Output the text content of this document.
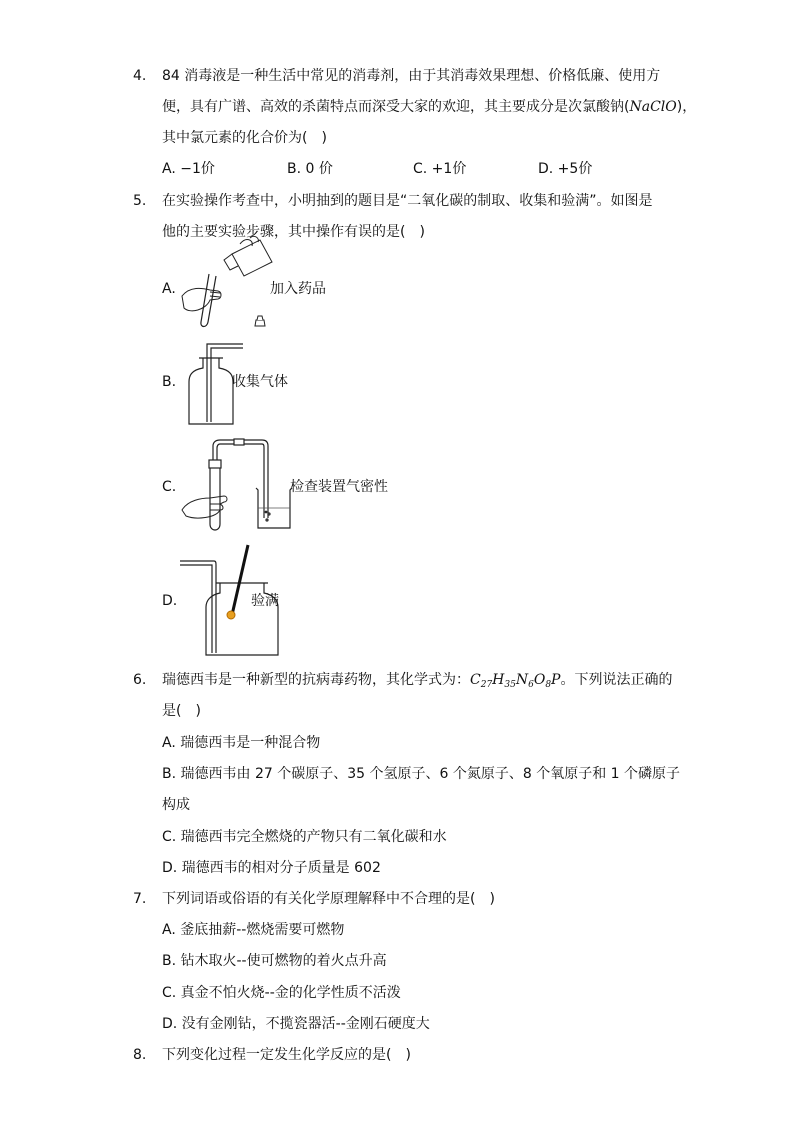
4. 84 消毒液是一种生活中常见的消毒剂，由于其消毒效果理想、价格低廉、使用方
便，具有广谱、高效的杀菌特点而深受大家的欢迎，其主要成分是次氯酸钠(NaClO)，
其中氯元素的化合价为(　)
A. −1价	B. 0 价	C. +1价	D. +5价
5. 在实验操作考查中，小明抽到的题目是“二氧化碳的制取、收集和验满”。如图是
他的主要实验步骤，其中操作有误的是(　)
A.	加入药品
B.	收集气体
C.	检查装置气密性
D.	验满
6. 瑞德西韦是一种新型的抗病毒药物，其化学式为：$C_{27}H_{35}N_6O_8P$。下列说法正确的
是(　)
A. 瑞德西韦是一种混合物
B. 瑞德西韦由 27 个碳原子、35 个氢原子、6 个氮原子、8 个氧原子和 1 个磷原子
构成
C. 瑞德西韦完全燃烧的产物只有二氧化碳和水
D. 瑞德西韦的相对分子质量是 602
7. 下列词语或俗语的有关化学原理解释中不合理的是(　)
A. 釜底抽薪--燃烧需要可燃物
B. 钻木取火--使可燃物的着火点升高
C. 真金不怕火烧--金的化学性质不活泼
D. 没有金刚钻，不揽瓷器活--金刚石硬度大
8. 下列变化过程一定发生化学反应的是(　)
